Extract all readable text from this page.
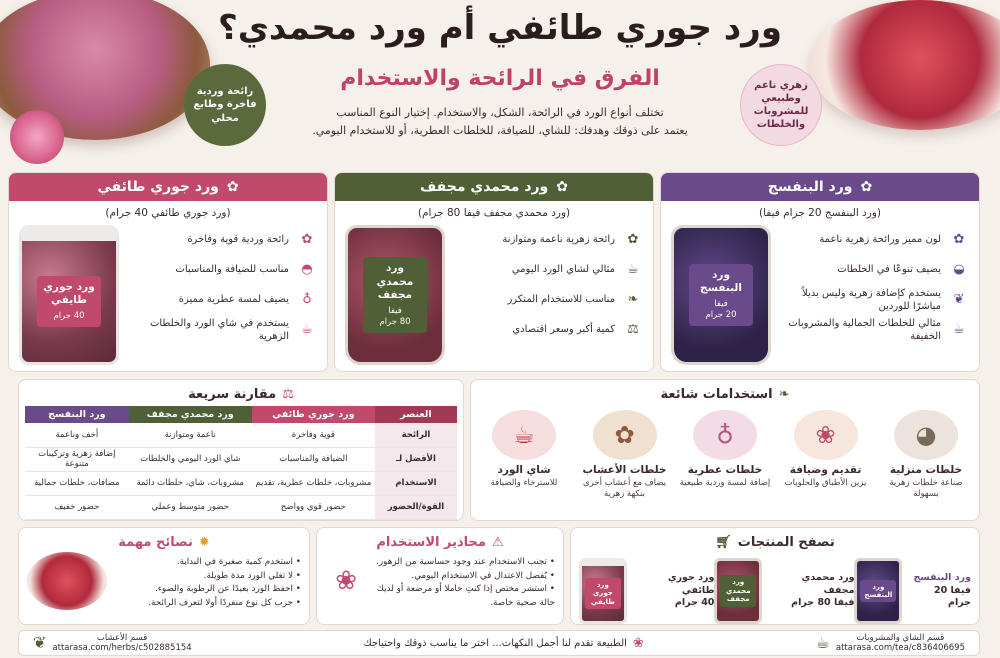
ورد جوري طائفي أم ورد محمدي؟
الفرق في الرائحة والاستخدام
تختلف أنواع الورد في الرائحة، الشكل، والاستخدام. إختيار النوع المناسب
يعتمد على ذوقك وهدفك: للشاي، للضيافة، للخلطات العطرية، أو للاستخدام اليومي.
رائحة وردية فاخرة وطابع محلي
زهري ناعم وطبيعي للمشروبات والخلطات
✿
ورد البنفسج
(ورد البنفسج 20 جرام فيفا)
✿
لون مميز ورائحة زهرية ناعمة
◒
يضيف تنوعًا في الخلطات
❦
يستخدم كإضافة زهرية وليس بديلاً مباشرًا للوردين
☕
مثالي للخلطات الجمالية والمشروبات الخفيفة
ورد البنفسج
فيفا
20 جرام
✿
ورد محمدي مجفف
(ورد محمدي مجفف فيفا 80 جرام)
✿
رائحة زهرية ناعمة ومتوازنة
☕
مثالي لشاي الورد اليومي
❧
مناسب للاستخدام المتكرر
⚖
كمية أكبر وسعر اقتصادي
ورد محمدي مجفف
فيفا
80 جرام
✿
ورد جوري طائفي
(ورد جوري طائفي 40 جرام)
✿
رائحة وردية قوية وفاخرة
◓
مناسب للضيافة والمناسبات
♁
يضيف لمسة عطرية مميزة
☕
يستخدم في شاي الورد والخلطات الزهرية
ورد جوري طايفي
40 جرام
❧
استخدامات شائعة
◕
خلطات منزلية
صناعة خلطات زهرية بسهولة
❀
تقديم وضيافة
يزين الأطباق والحلويات
♁
خلطات عطرية
إضافة لمسة وردية طبيعية
✿
خلطات الأعشاب
يضاف مع أعشاب أخرى بنكهة زهرية
☕
شاي الورد
للاسترخاء والضيافة
⚖
مقارنة سريعة
العنصر	ورد جوري طائفي	ورد محمدي مجفف	ورد البنفسج
الرائحة	قوية وفاخرة	ناعمة ومتوازنة	أخف وناعمة
الأفضل لـ	الضيافة والمناسبات	شاي الورد اليومي والخلطات	إضافة زهرية وتركيبات متنوعة
الاستخدام	مشروبات، خلطات عطرية، تقديم	مشروبات، شاي، خلطات دائمة	مضافات، خلطات جمالية
القوة/الحضور	حضور قوي وواضح	حضور متوسط وعملي	حضور خفيف
تصفح المنتجات
🛒︎
ورد البنفسج
فيفا 20 جرام
ورد البنفسج
ورد محمدي مجفف
فيفا 80 جرام
ورد محمدي مجفف
ورد جوري طائفي
40 جرام
ورد جوري طايفي
⚠
محاذير الاستخدام
• تجنب الاستخدام عند وجود حساسية من الزهور.
• يُفضل الاعتدال في الاستخدام اليومي.
• استشر مختص إذا كنتِ حاملا أو مرضعة أو لديك حالة صحية خاصة.
❀
✹
نصائح مهمة
• استخدم كمية صغيرة في البداية.
• لا تغلي الورد مدة طويلة.
• احفظ الورد بعيدًا عن الرطوبة والضوء.
• جرب كل نوع منفردًا أولا لتعرف الرائحة.
قسم الشاي والمشروبات
attarasa.com/tea/c836406695
☕
❀
الطبيعة تقدم لنا أجمل النكهات... اختر ما يناسب ذوقك واحتياجك
قسم الأعشاب
attarasa.com/herbs/c502885154
❦
